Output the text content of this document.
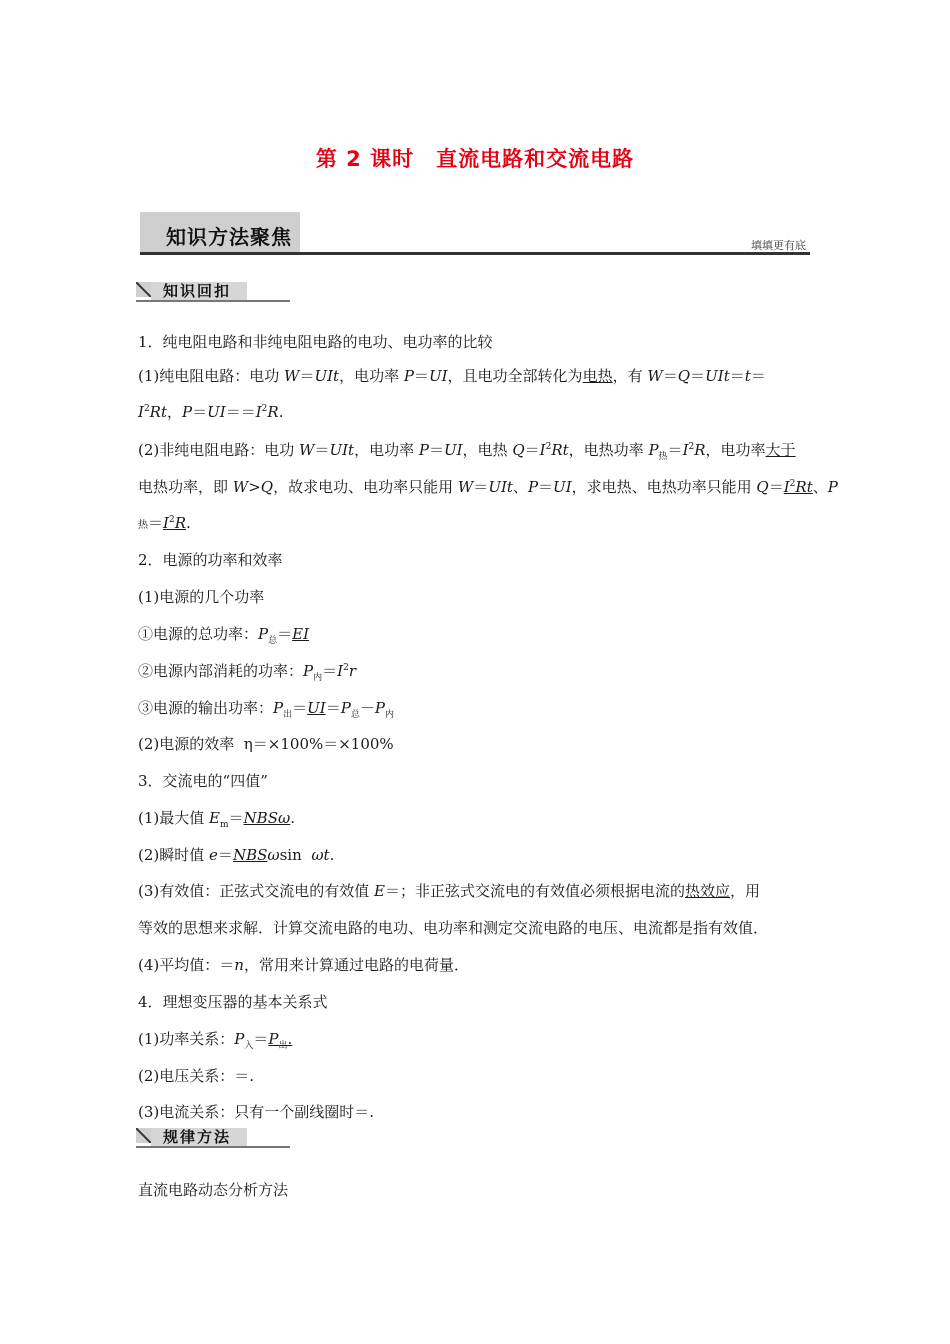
第 2 课时　直流电路和交流电路
知识方法聚焦	填填更有底
知识回扣
1．纯电阻电路和非纯电阻电路的电功、电功率的比较
(1)纯电阻电路：电功 W＝UIt，电功率 P＝UI，且电功全部转化为电热，有 W＝Q＝UIt＝t＝
$I^2Rt$，$P=UI==I^2R$.
(2)非纯电阻电路：电功 W＝UIt，电功率 P＝UI，电热 $Q=I^2Rt$，电热功率 $P_热=I^2R$，电功率大于
电热功率，即 W>Q，故求电功、电功率只能用 W＝UIt、P＝UI，求电热、电热功率只能用 $Q=I^2Rt$、P
热$=I^2R$.
2．电源的功率和效率
(1)电源的几个功率
①电源的总功率：$P_总=EI$
②电源内部消耗的功率：$P_内=I^2r$
③电源的输出功率：$P_出=UI=P_总-P_内$
(2)电源的效率 η＝×100%＝×100%
3．交流电的“四值”
(1)最大值 $E_m=NBS\omega$.
(2)瞬时值 e＝NBSωsin ωt.
(3)有效值：正弦式交流电的有效值 E＝；非正弦式交流电的有效值必须根据电流的热效应，用
等效的思想来求解．计算交流电路的电功、电功率和测定交流电路的电压、电流都是指有效值．
(4)平均值：＝n，常用来计算通过电路的电荷量．
4．理想变压器的基本关系式
(1)功率关系：$P_入=P_出$.
(2)电压关系：＝.
(3)电流关系：只有一个副线圈时＝.
规律方法
直流电路动态分析方法
